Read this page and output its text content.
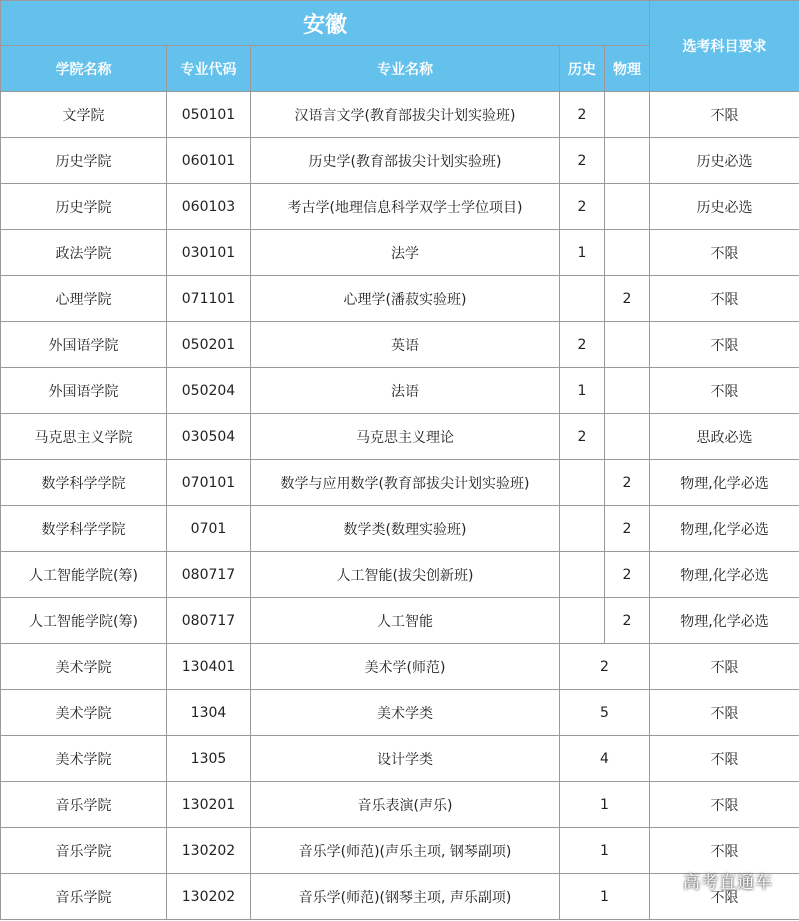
安徽					选考科目要求
学院名称	专业代码	专业名称	历史	物理	
文学院	050101	汉语言文学(教育部拔尖计划实验班)	2		不限
历史学院	060101	历史学(教育部拔尖计划实验班)	2		历史必选
历史学院	060103	考古学(地理信息科学双学士学位项目)	2		历史必选
政法学院	030101	法学	1		不限
心理学院	071101	心理学(潘菽实验班)		2	不限
外国语学院	050201	英语	2		不限
外国语学院	050204	法语	1		不限
马克思主义学院	030504	马克思主义理论	2		思政必选
数学科学学院	070101	数学与应用数学(教育部拔尖计划实验班)		2	物理,化学必选
数学科学学院	0701	数学类(数理实验班)		2	物理,化学必选
人工智能学院(筹)	080717	人工智能(拔尖创新班)		2	物理,化学必选
人工智能学院(筹)	080717	人工智能		2	物理,化学必选
美术学院	130401	美术学(师范)	2		不限
美术学院	1304	美术学类	5		不限
美术学院	1305	设计学类	4		不限
音乐学院	130201	音乐表演(声乐)	1		不限
音乐学院	130202	音乐学(师范)(声乐主项, 钢琴副项)	1		不限
音乐学院	130202	音乐学(师范)(钢琴主项, 声乐副项)	1		不限
高考直通车
